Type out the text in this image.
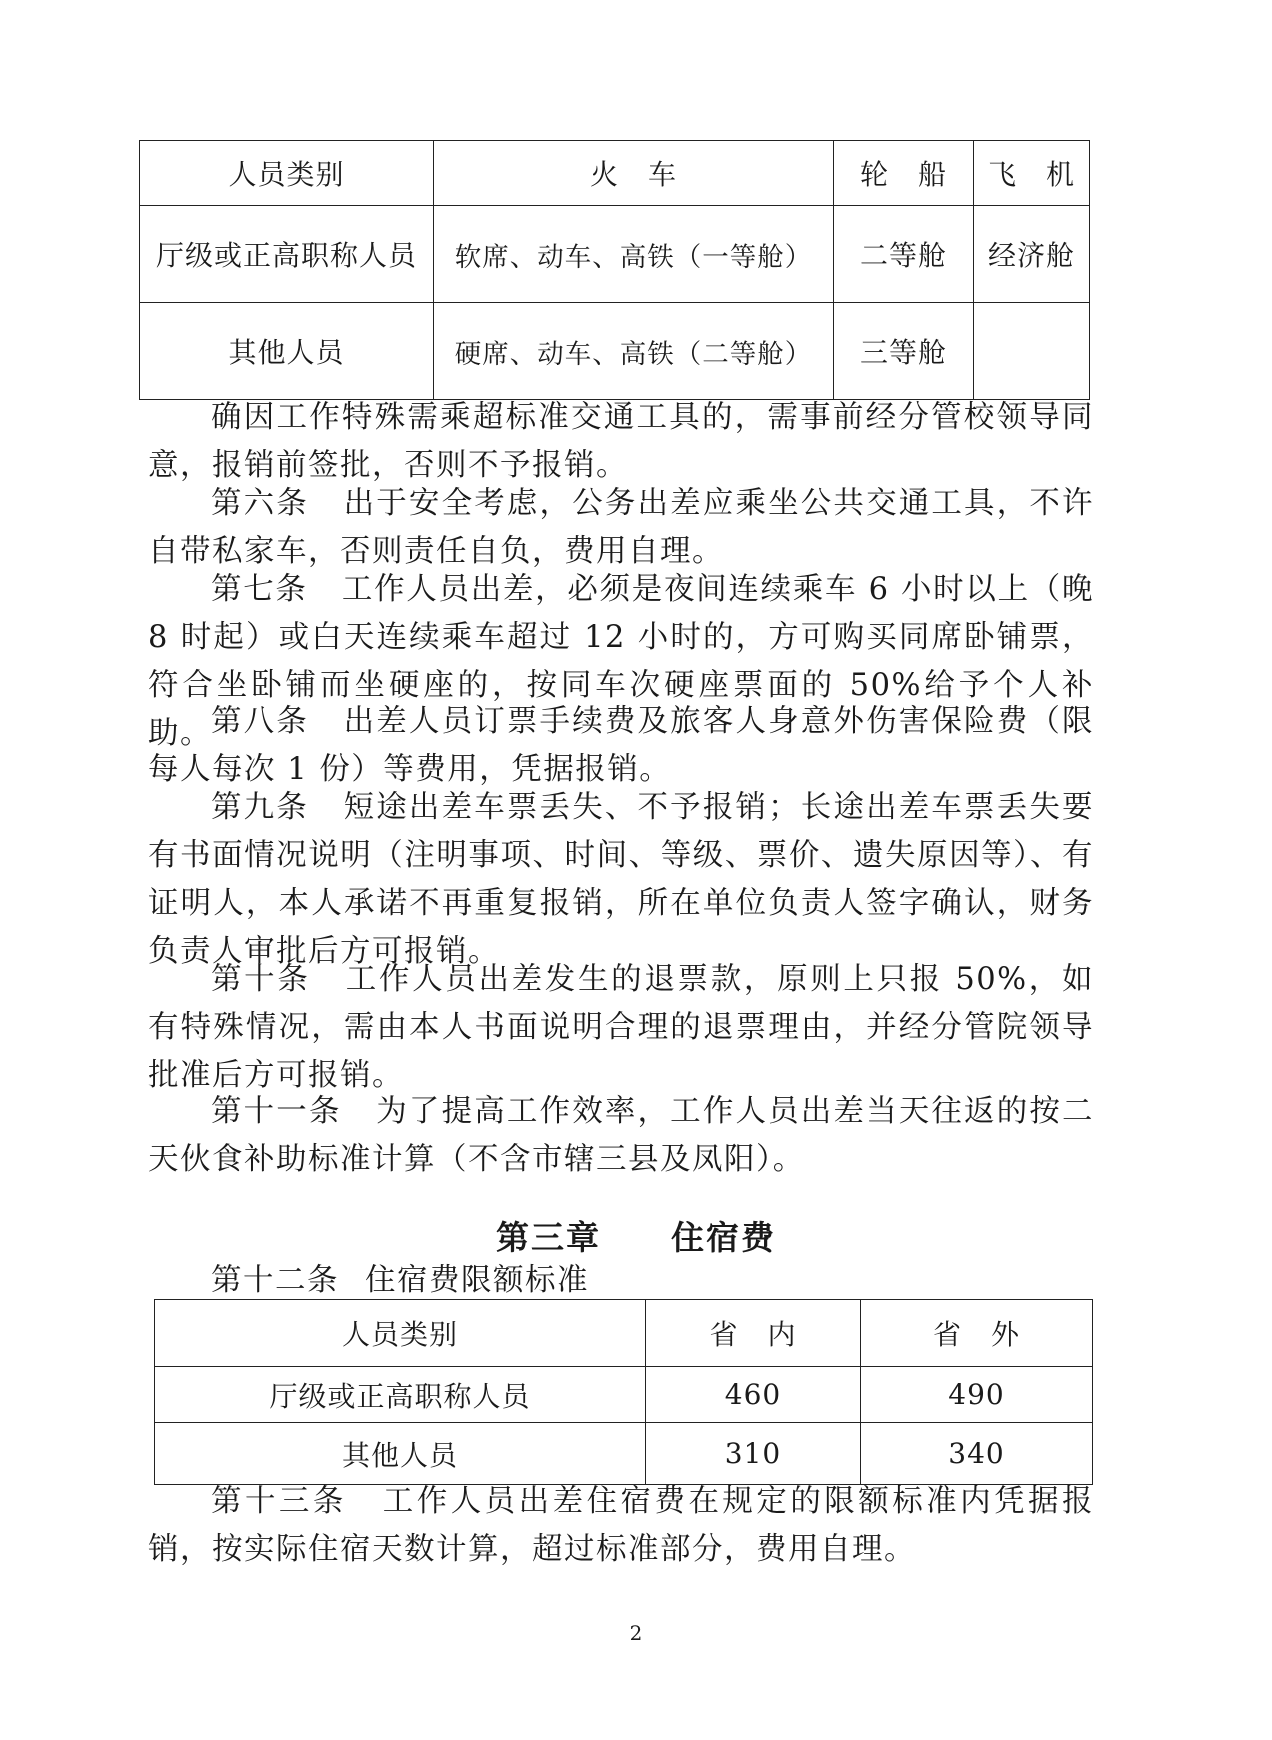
人员类别	火　车	轮　船	飞　机
厅级或正高职称人员	软席、动车、高铁（一等舱）	二等舱	经济舱
其他人员	硬席、动车、高铁（二等舱）	三等舱	

确因工作特殊需乘超标准交通工具的，需事前经分管校领导同意，报销前签批，否则不予报销。

第六条 出于安全考虑，公务出差应乘坐公共交通工具，不许自带私家车，否则责任自负，费用自理。

第七条 工作人员出差，必须是夜间连续乘车 6 小时以上（晚 8 时起）或白天连续乘车超过 12 小时的，方可购买同席卧铺票，符合坐卧铺而坐硬座的，按同车次硬座票面的 50%给予个人补助。 第八条 出差人员订票手续费及旅客人身意外伤害保险费（限每人每次 1 份）等费用，凭据报销。

第九条 短途出差车票丢失、不予报销；长途出差车票丢失要有书面情况说明（注明事项、时间、等级、票价、遗失原因等）、有证明人，本人承诺不再重复报销，所在单位负责人签字确认，财务负责人审批后方可报销。

第十条 工作人员出差发生的退票款，原则上只报 50%，如有特殊情况，需由本人书面说明合理的退票理由，并经分管院领导批准后方可报销。

第十一条 为了提高工作效率，工作人员出差当天往返的按二天伙食补助标准计算（不含市辖三县及凤阳）。

第三章 住宿费

第十二条 住宿费限额标准

人员类别	省　内	省　外
厅级或正高职称人员	460	490
其他人员	310	340

第十三条 工作人员出差住宿费在规定的限额标准内凭据报销，按实际住宿天数计算，超过标准部分，费用自理。

2
